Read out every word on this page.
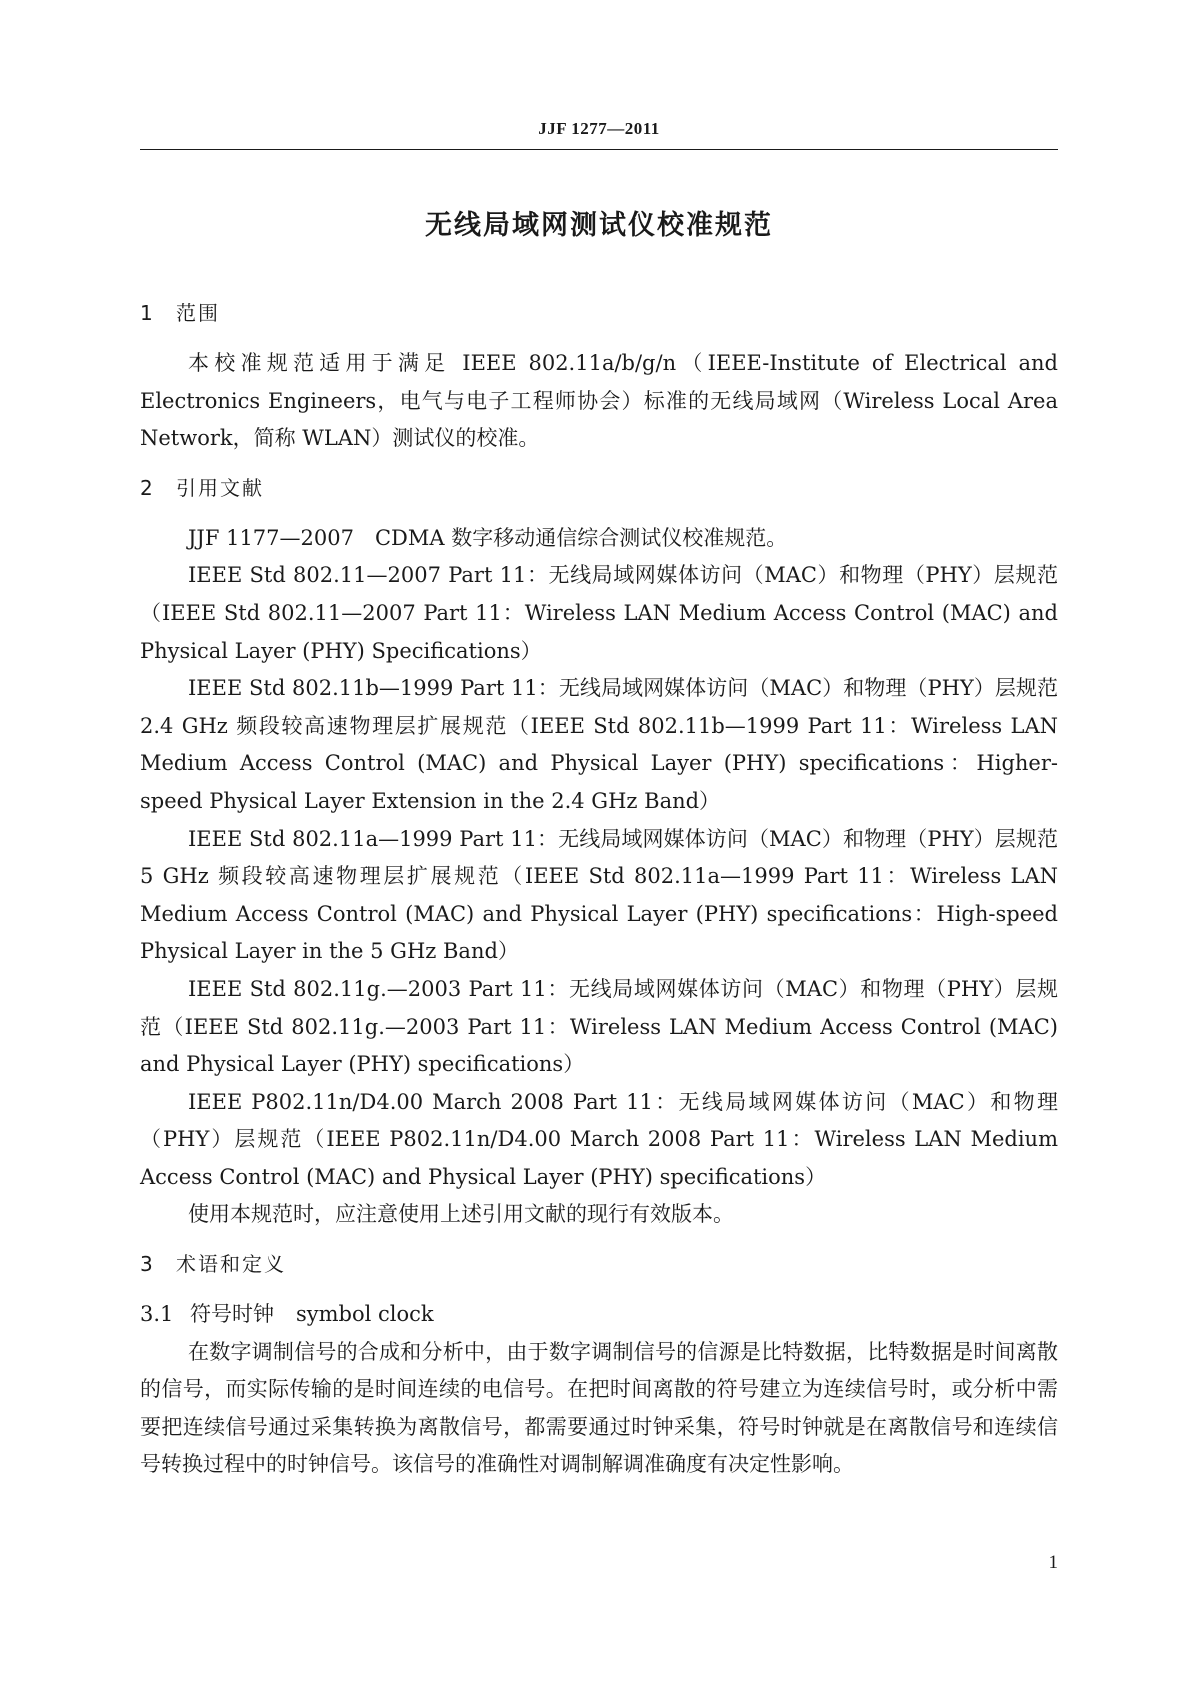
JJF 1277—2011
无线局域网测试仪校准规范
1 范围

本校准规范适用于满足 IEEE 802.11a/b/g/n（IEEE-Institute of Electrical and Electronics Engineers，电气与电子工程师协会）标准的无线局域网（Wireless Local Area Network，简称 WLAN）测试仪的校准。

2 引用文献

JJF 1177—2007　CDMA 数字移动通信综合测试仪校准规范。

IEEE Std 802.11—2007 Part 11：无线局域网媒体访问（MAC）和物理（PHY）层规范（IEEE Std 802.11—2007 Part 11：Wireless LAN Medium Access Control (MAC) and Physical Layer (PHY) Specifications）

IEEE Std 802.11b—1999 Part 11：无线局域网媒体访问（MAC）和物理（PHY）层规范　2.4 GHz 频段较高速物理层扩展规范（IEEE Std 802.11b—1999 Part 11：Wireless LAN Medium Access Control (MAC) and Physical Layer (PHY) specifications：Higher-speed Physical Layer Extension in the 2.4 GHz Band）

IEEE Std 802.11a—1999 Part 11：无线局域网媒体访问（MAC）和物理（PHY）层规范　5 GHz 频段较高速物理层扩展规范（IEEE Std 802.11a—1999 Part 11：Wireless LAN Medium Access Control (MAC) and Physical Layer (PHY) specifications：High-speed Physical Layer in the 5 GHz Band）

IEEE Std 802.11g.—2003 Part 11：无线局域网媒体访问（MAC）和物理（PHY）层规范（IEEE Std 802.11g.—2003 Part 11：Wireless LAN Medium Access Control (MAC) and Physical Layer (PHY) specifications）

IEEE P802.11n/D4.00 March 2008 Part 11：无线局域网媒体访问（MAC）和物理（PHY）层规范（IEEE P802.11n/D4.00 March 2008 Part 11：Wireless LAN Medium Access Control (MAC) and Physical Layer (PHY) specifications）

使用本规范时，应注意使用上述引用文献的现行有效版本。

3 术语和定义
3.1 符号时钟 symbol clock

在数字调制信号的合成和分析中，由于数字调制信号的信源是比特数据，比特数据是时间离散的信号，而实际传输的是时间连续的电信号。在把时间离散的符号建立为连续信号时，或分析中需要把连续信号通过采集转换为离散信号，都需要通过时钟采集，符号时钟就是在离散信号和连续信号转换过程中的时钟信号。该信号的准确性对调制解调准确度有决定性影响。

1
